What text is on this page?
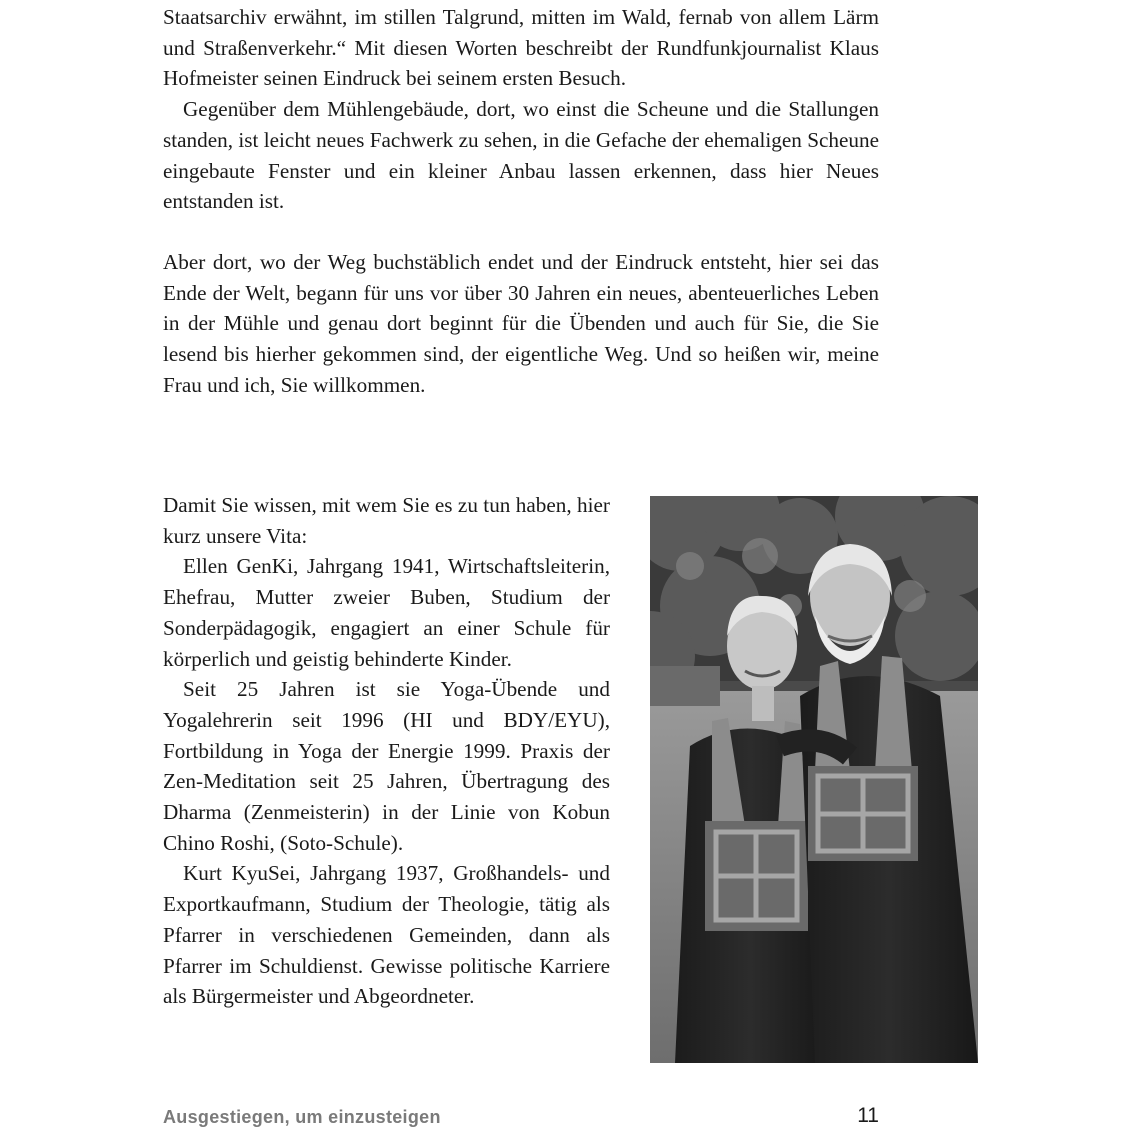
Staatsarchiv erwähnt, im stillen Talgrund, mitten im Wald, fernab von allem Lärm und Straßenverkehr.“ Mit diesen Worten beschreibt der Rundfunkjournalist Klaus Hofmeister seinen Eindruck bei seinem ersten Besuch.

Gegenüber dem Mühlengebäude, dort, wo einst die Scheune und die Stallungen standen, ist leicht neues Fachwerk zu sehen, in die Gefache der ehemaligen Scheune eingebaute Fenster und ein kleiner Anbau lassen erkennen, dass hier Neues entstanden ist.

Aber dort, wo der Weg buchstäblich endet und der Eindruck entsteht, hier sei das Ende der Welt, begann für uns vor über 30 Jahren ein neues, abenteuerliches Leben in der Mühle und genau dort beginnt für die Übenden und auch für Sie, die Sie lesend bis hierher gekommen sind, der eigentliche Weg. Und so heißen wir, meine Frau und ich, Sie willkommen.

Damit Sie wissen, mit wem Sie es zu tun haben, hier kurz unsere Vita:

Ellen GenKi, Jahrgang 1941, Wirtschaftsleiterin, Ehefrau, Mutter zweier Buben, Studium der Sonderpädagogik, engagiert an einer Schule für körperlich und geistig behinderte Kinder.

Seit 25 Jahren ist sie Yoga-Übende und Yogalehrerin seit 1996 (HI und BDY/EYU), Fortbildung in Yoga der Energie 1999. Praxis der Zen-Meditation seit 25 Jahren, Übertragung des Dharma (Zenmeisterin) in der Linie von Kobun Chino Roshi, (Soto-Schule).

Kurt KyuSei, Jahrgang 1937, Großhandels- und Exportkaufmann, Studium der Theologie, tätig als Pfarrer in verschiedenen Gemeinden, dann als Pfarrer im Schuldienst. Gewisse politische Karriere als Bürgermeister und Abgeordneter.

Ausgestiegen, um einzusteigen	11
